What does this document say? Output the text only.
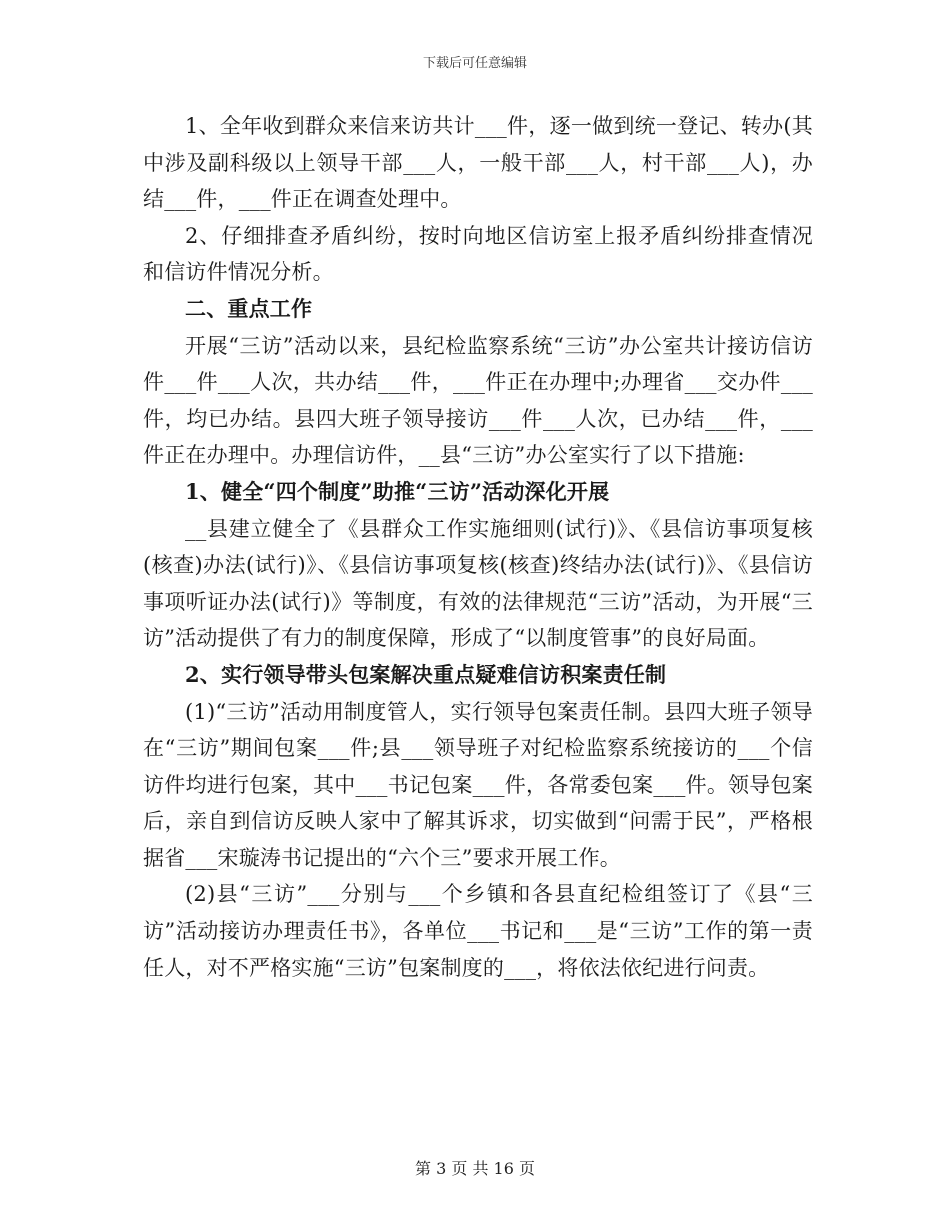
下载后可任意编辑

1、全年收到群众来信来访共计___件，逐一做到统一登记、转办(其中涉及副科级以上领导干部___人，一般干部___人，村干部___人)，办结___件，___件正在调查处理中。

2、仔细排查矛盾纠纷，按时向地区信访室上报矛盾纠纷排查情况和信访件情况分析。

二、重点工作

开展“三访”活动以来，县纪检监察系统“三访”办公室共计接访信访件___件___人次，共办结___件，___件正在办理中;办理省___交办件___件，均已办结。县四大班子领导接访___件___人次，已办结___件，___件正在办理中。办理信访件，__县“三访”办公室实行了以下措施:

1、健全“四个制度”助推“三访”活动深化开展

__县建立健全了《县群众工作实施细则(试行)》、《县信访事项复核(核查)办法(试行)》、《县信访事项复核(核查)终结办法(试行)》、《县信访事项听证办法(试行)》等制度，有效的法律规范“三访”活动，为开展“三访”活动提供了有力的制度保障，形成了“以制度管事”的良好局面。

2、实行领导带头包案解决重点疑难信访积案责任制

(1)“三访”活动用制度管人，实行领导包案责任制。县四大班子领导在“三访”期间包案___件;县___领导班子对纪检监察系统接访的___个信访件均进行包案，其中___书记包案___件，各常委包案___件。领导包案后，亲自到信访反映人家中了解其诉求，切实做到“问需于民”，严格根据省___宋璇涛书记提出的“六个三”要求开展工作。

(2)县“三访”___分别与___个乡镇和各县直纪检组签订了《县“三访”活动接访办理责任书》，各单位___书记和___是“三访”工作的第一责任人，对不严格实施“三访”包案制度的___，将依法依纪进行问责。

第 3 页 共 16 页
